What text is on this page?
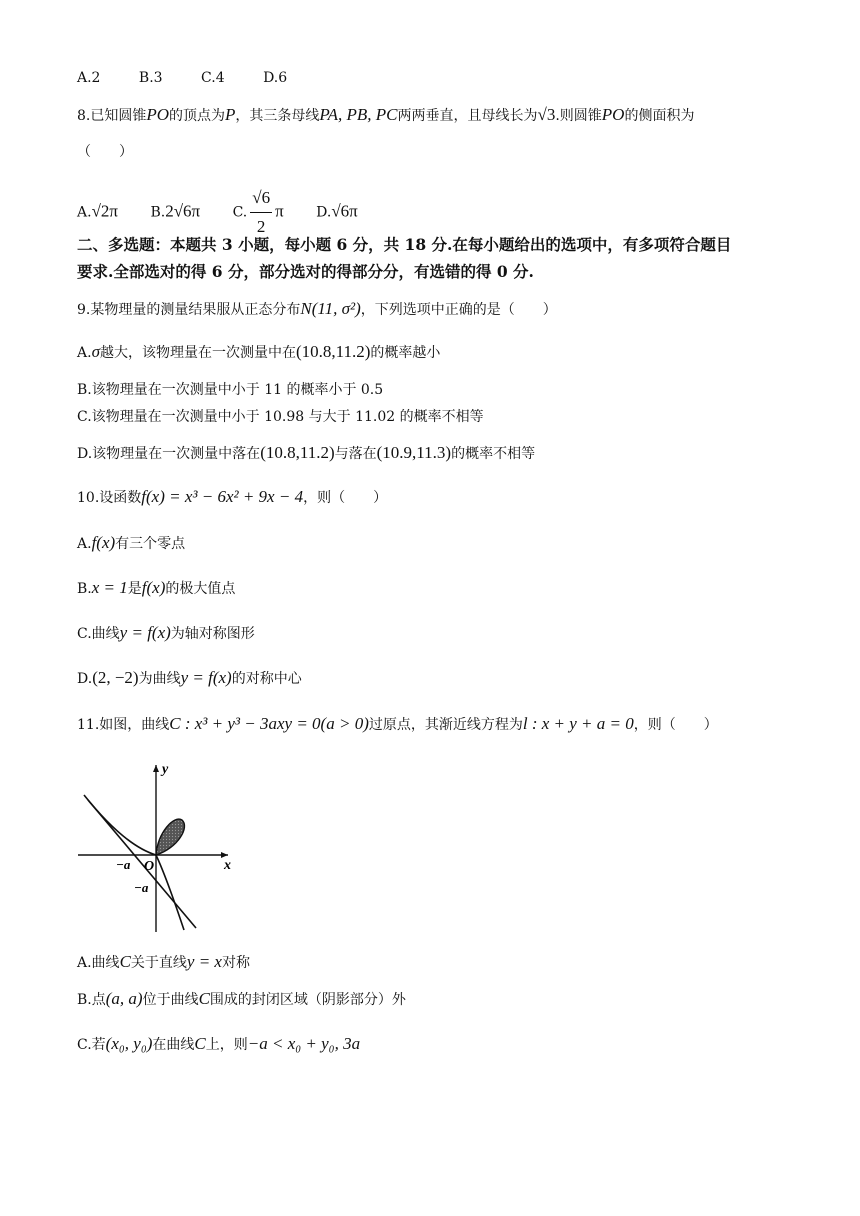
A.2	B.3	C.4	D.6
8.已知圆锥PO的顶点为P，其三条母线PA, PB, PC两两垂直，且母线长为√3.则圆锥PO的侧面积为
（　　）
A.√2π B.2√6π C. $\frac{√6}{2}$ π D.√6π
二、多选题：本题共 3 小题，每小题 6 分，共 18 分.在每小题给出的选项中，有多项符合题目
要求.全部选对的得 6 分，部分选对的得部分分，有选错的得 0 分.
9.某物理量的测量结果服从正态分布N(11, σ²)，下列选项中正确的是（　　）
A.σ越大，该物理量在一次测量中在(10.8,11.2)的概率越小
B.该物理量在一次测量中小于 11 的概率小于 0.5
C.该物理量在一次测量中小于 10.98 与大于 11.02 的概率不相等
D.该物理量在一次测量中落在(10.8,11.2)与落在(10.9,11.3)的概率不相等
10.设函数f(x) = x³ − 6x² + 9x − 4，则（　　）
A.f(x)有三个零点
B.x = 1是f(x)的极大值点
C.曲线y = f(x)为轴对称图形
D.(2, −2)为曲线y = f(x)的对称中心
11.如图，曲线C : x³ + y³ − 3axy = 0(a > 0)过原点，其渐近线方程为l : x + y + a = 0，则（　　）
y
x
O
−a
−a
A.曲线C关于直线y = x对称
B.点(a, a)位于曲线C围成的封闭区域（阴影部分）外
C.若(x₀, y₀)在曲线C上，则−a < x₀ + y₀, 3a
